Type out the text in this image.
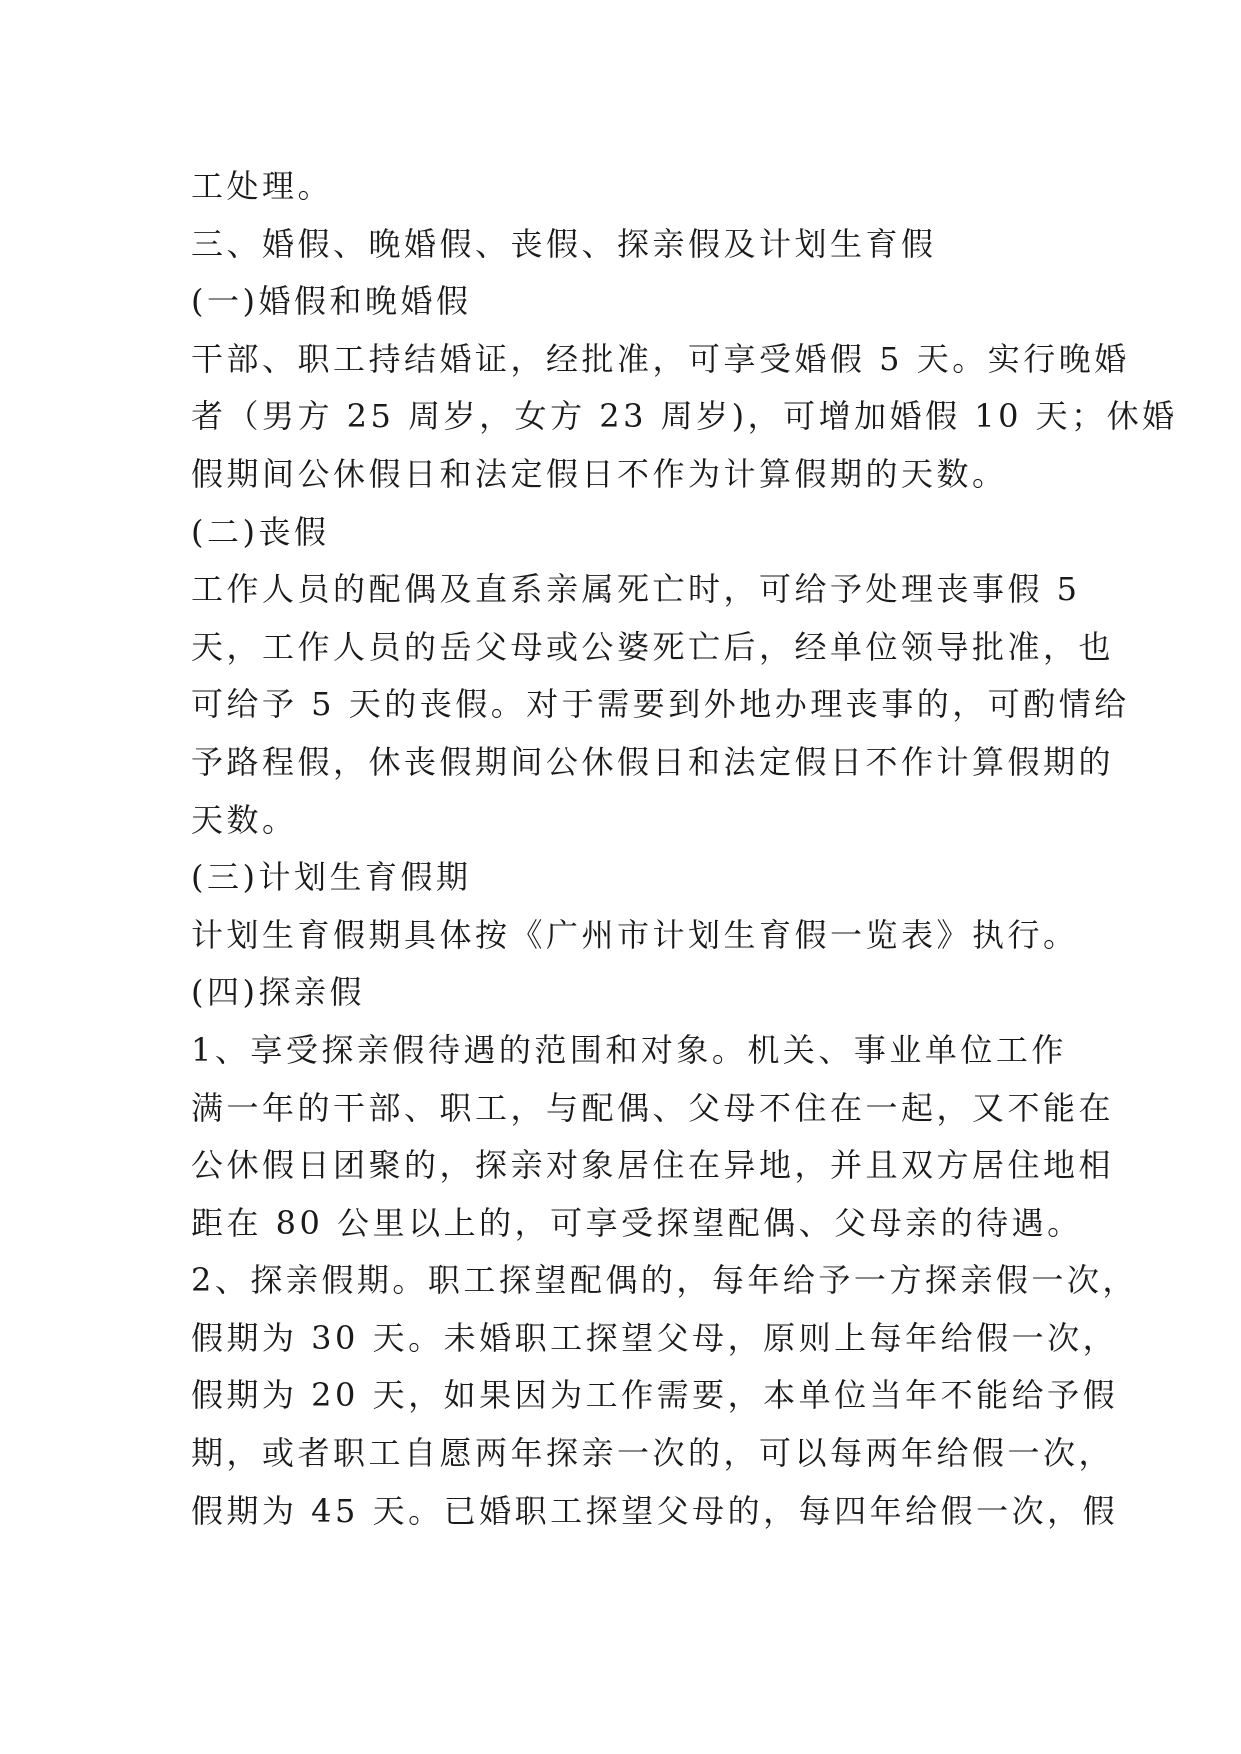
工处理。
三、婚假、晚婚假、丧假、探亲假及计划生育假
(一)婚假和晚婚假
干部、职工持结婚证，经批准，可享受婚假 5 天。实行晚婚
者（男方 25 周岁，女方 23 周岁)，可增加婚假 10 天；休婚
假期间公休假日和法定假日不作为计算假期的天数。
(二)丧假
工作人员的配偶及直系亲属死亡时，可给予处理丧事假 5
天，工作人员的岳父母或公婆死亡后，经单位领导批准，也
可给予 5 天的丧假。对于需要到外地办理丧事的，可酌情给
予路程假，休丧假期间公休假日和法定假日不作计算假期的
天数。
(三)计划生育假期
计划生育假期具体按《广州市计划生育假一览表》执行。
(四)探亲假
1、享受探亲假待遇的范围和对象。机关、事业单位工作
满一年的干部、职工，与配偶、父母不住在一起，又不能在
公休假日团聚的，探亲对象居住在异地，并且双方居住地相
距在 80 公里以上的，可享受探望配偶、父母亲的待遇。
2、探亲假期。职工探望配偶的，每年给予一方探亲假一次，
假期为 30 天。未婚职工探望父母，原则上每年给假一次，
假期为 20 天，如果因为工作需要，本单位当年不能给予假
期，或者职工自愿两年探亲一次的，可以每两年给假一次，
假期为 45 天。已婚职工探望父母的，每四年给假一次，假
